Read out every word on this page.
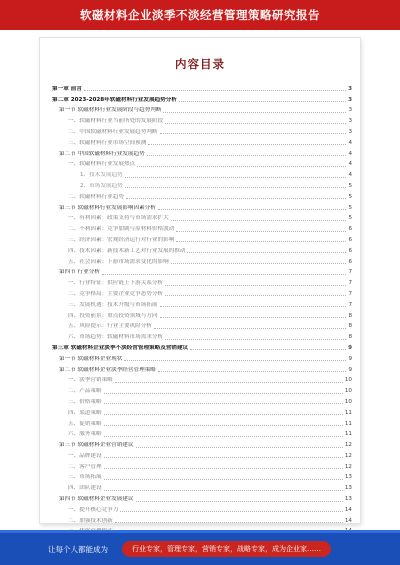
软磁材料企业淡季不淡经营管理策略研究报告
内容目录
第一章 前言	3
第二章 2023-2028年软磁材料行业发展趋势分析	3
第一节 软磁材料行业发展阶段与趋势判断	3
一、软磁材料行业当前所处的发展阶段	3
二、中国软磁材料行业发展趋势判断	3
三、软磁材料行业市场空间预测	4
第二节 中国软磁材料行业发展趋势	4
一、软磁材料行业发展热点	4
1、技术发展趋势	4
2、市场发展趋势	5
二、软磁材料行业趋势	5
第三节 软磁材料行业发展影响因素分析	5
一、有利因素：政策支持与市场需求扩大	5
二、不利因素：竞争加剧与原材料价格波动	6
三、经济因素：宏观经济运行对行业的影响	6
四、技术因素：新技术新工艺对行业发展的推动	6
五、社会因素：下游市场需求变化的影响	6
第四节 行业分析	7
一、行业特征：供应链上下游关系分析	7
二、竞争格局：主要企业竞争态势分析	7
三、发展机遇：技术升级与市场拓展	7
四、投资前景：重点投资领域与方向	8
五、风险提示：行业主要风险分析	8
六、市场趋势：软磁材料市场需求分析	8
第三章 软磁材料企业淡季不淡经营管理策略及营销建议	9
第一节 软磁材料企业现状	9
第二节 软磁材料企业淡季经营管理策略	9
一、淡季营销策略	10
二、产品策略	10
三、价格策略	10
四、渠道策略	11
五、促销策略	11
六、服务策略	11
第三节 软磁材料企业营销建议	12
一、品牌建设	12
二、客户管理	12
三、市场拓展	13
四、团队建设	13
第四节 软磁材料企业发展建议	13
一、提升核心竞争力	14
二、加强技术创新	14
让每个人都能成为	行业专家，管理专家，营销专家，战略专家，成为企业家……
